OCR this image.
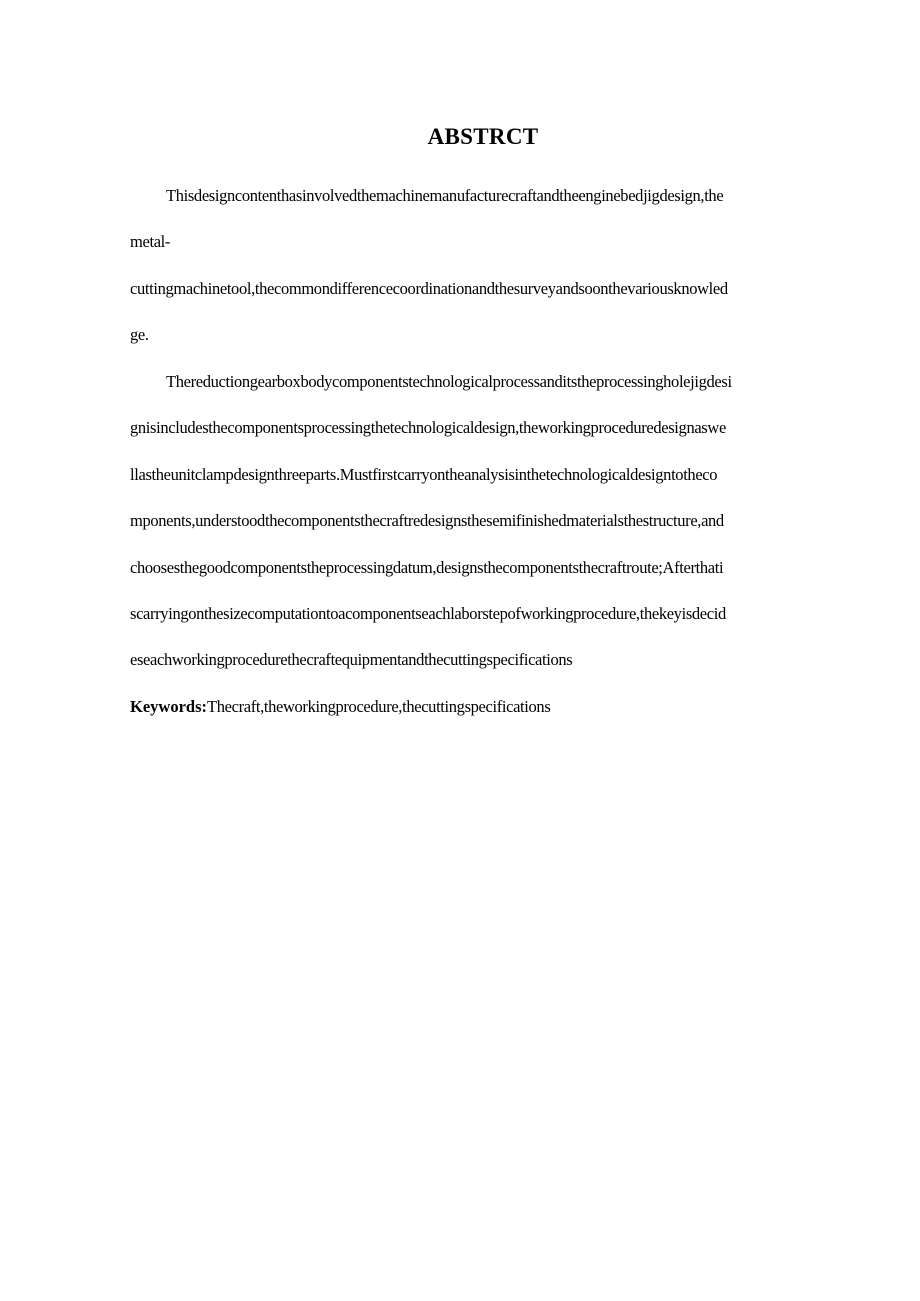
ABSTRCT

Thisdesigncontenthasinvolvedthemachinemanufacturecraftandtheenginebedjigdesign,the

metal-

cuttingmachinetool,thecommondifferencecoordinationandthesurveyandsoonthevariousknowled

ge.

Thereductiongearboxbodycomponentstechnologicalprocessanditstheprocessingholejigdesi

gnisincludesthecomponentsprocessingthetechnologicaldesign,theworkingproceduredesignaswe

llastheunitclampdesignthreeparts.Mustfirstcarryontheanalysisinthetechnologicaldesigntotheco

mponents,understoodthecomponentsthecraftredesignsthesemifinishedmaterialsthestructure,and

choosesthegoodcomponentstheprocessingdatum,designsthecomponentsthecraftroute;Afterthati

scarryingonthesizecomputationtoacomponentseachlaborstepofworkingprocedure,thekeyisdecid

eseachworkingprocedurethecraftequipmentandthecuttingspecifications

Keywords:Thecraft,theworkingprocedure,thecuttingspecifications
